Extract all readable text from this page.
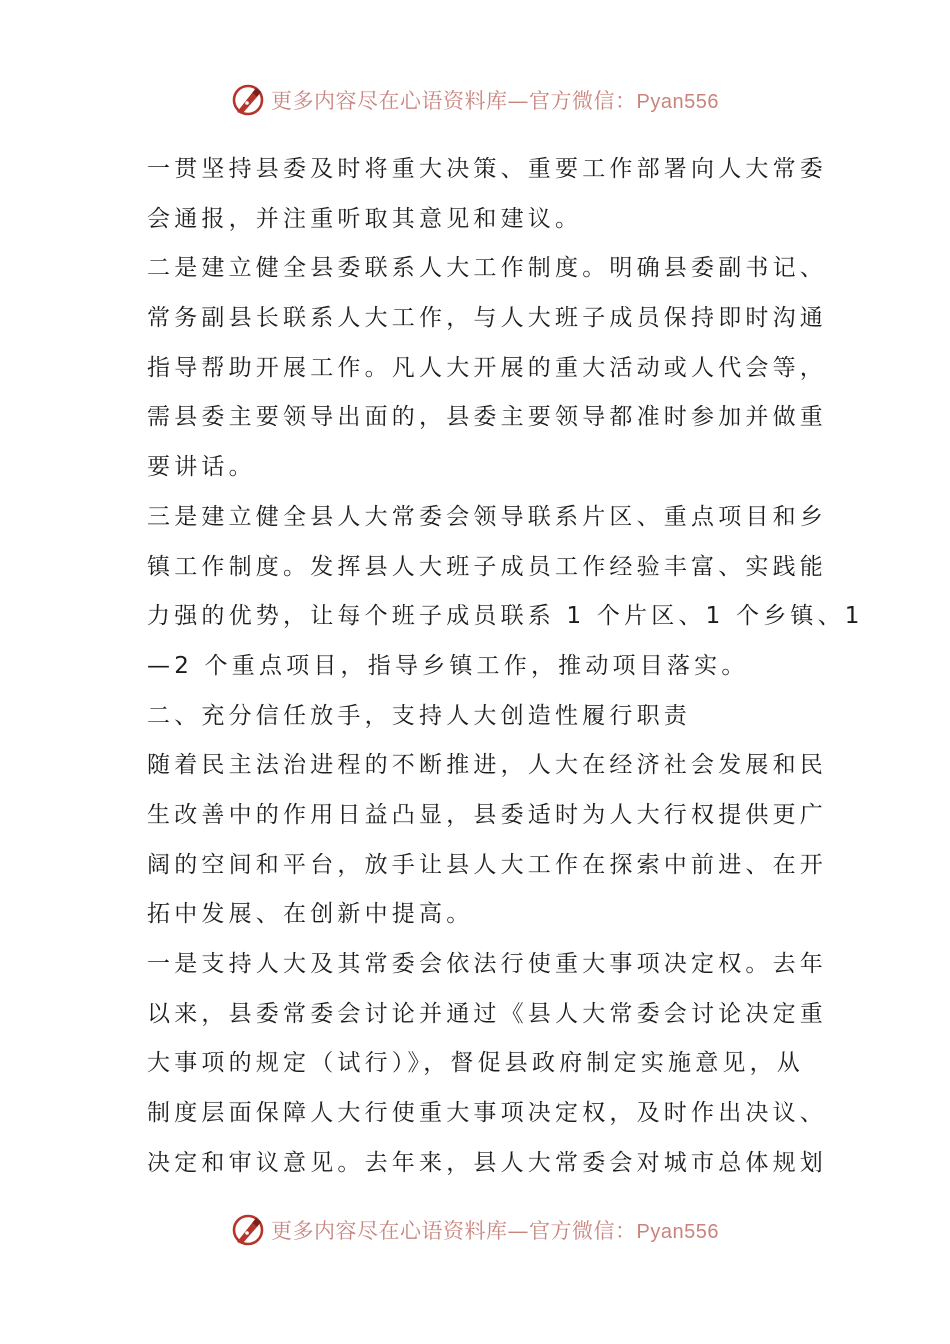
更多内容尽在心语资料库—官方微信：Pyan556
一贯坚持县委及时将重大决策、重要工作部署向人大常委
会通报，并注重听取其意见和建议。
二是建立健全县委联系人大工作制度。明确县委副书记、
常务副县长联系人大工作，与人大班子成员保持即时沟通
指导帮助开展工作。凡人大开展的重大活动或人代会等，
需县委主要领导出面的，县委主要领导都准时参加并做重
要讲话。
三是建立健全县人大常委会领导联系片区、重点项目和乡
镇工作制度。发挥县人大班子成员工作经验丰富、实践能
力强的优势，让每个班子成员联系 1 个片区、1 个乡镇、1
—2 个重点项目，指导乡镇工作，推动项目落实。
二、充分信任放手，支持人大创造性履行职责
随着民主法治进程的不断推进，人大在经济社会发展和民
生改善中的作用日益凸显，县委适时为人大行权提供更广
阔的空间和平台，放手让县人大工作在探索中前进、在开
拓中发展、在创新中提高。
一是支持人大及其常委会依法行使重大事项决定权。去年
以来，县委常委会讨论并通过《县人大常委会讨论决定重
大事项的规定（试行）》，督促县政府制定实施意见，从
制度层面保障人大行使重大事项决定权，及时作出决议、
决定和审议意见。去年来，县人大常委会对城市总体规划
更多内容尽在心语资料库—官方微信：Pyan556
